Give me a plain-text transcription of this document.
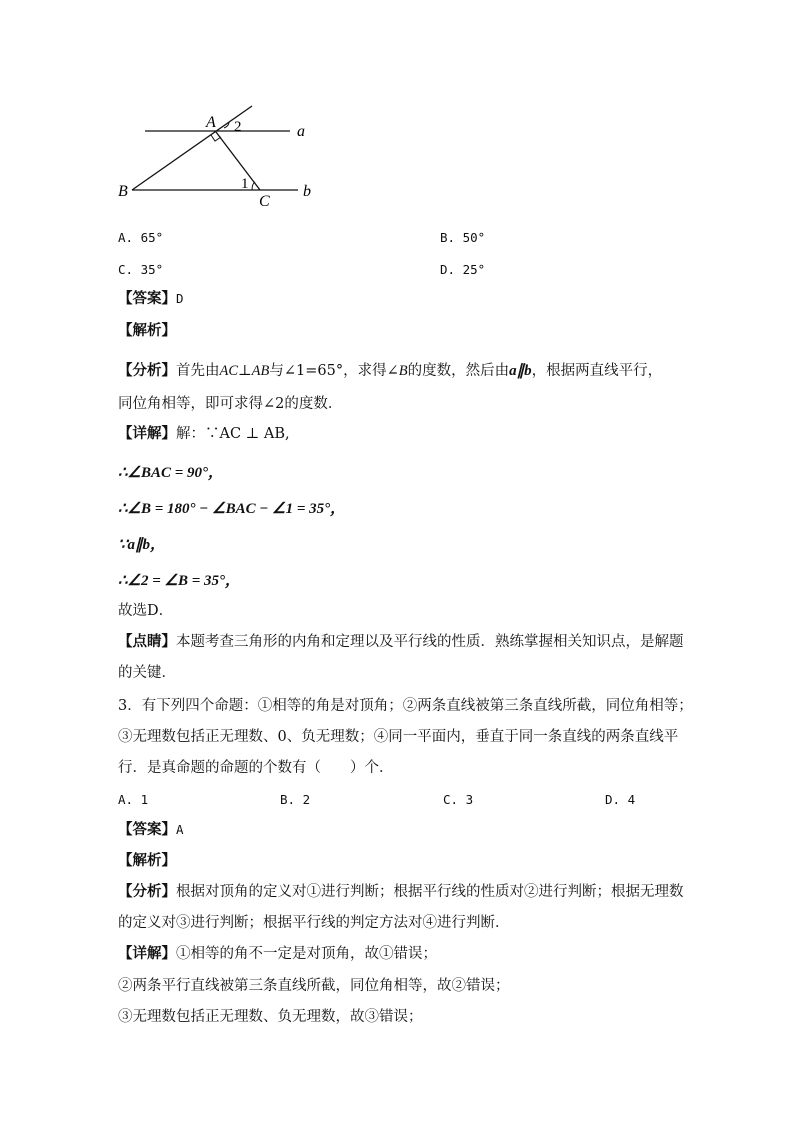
A 2	a
B	1
C
b
A. 65°	B. 50°
C. 35°	D. 25°
【答案】D
【解析】
【分析】首先由AC⊥AB与∠1=65°，求得∠B的度数，然后由a∥b，根据两直线平行，
同位角相等，即可求得∠2的度数．
【详解】解：∵AC ⊥ AB,
∴∠BAC = 90°，
∴∠B = 180° − ∠BAC − ∠1 = 35°，
∵a∥b，
∴∠2 = ∠B = 35°，
故选D．
【点睛】本题考查三角形的内角和定理以及平行线的性质．熟练掌握相关知识点，是解题
的关键．
3．有下列四个命题：①相等的角是对顶角；②两条直线被第三条直线所截，同位角相等；
③无理数包括正无理数、0、负无理数；④同一平面内，垂直于同一条直线的两条直线平
行．是真命题的命题的个数有（　　）个．
A. 1	B. 2	C. 3	D. 4
【答案】A
【解析】
【分析】根据对顶角的定义对①进行判断；根据平行线的性质对②进行判断；根据无理数
的定义对③进行判断；根据平行线的判定方法对④进行判断．
【详解】①相等的角不一定是对顶角，故①错误；
②两条平行直线被第三条直线所截，同位角相等，故②错误；
③无理数包括正无理数、负无理数，故③错误；
